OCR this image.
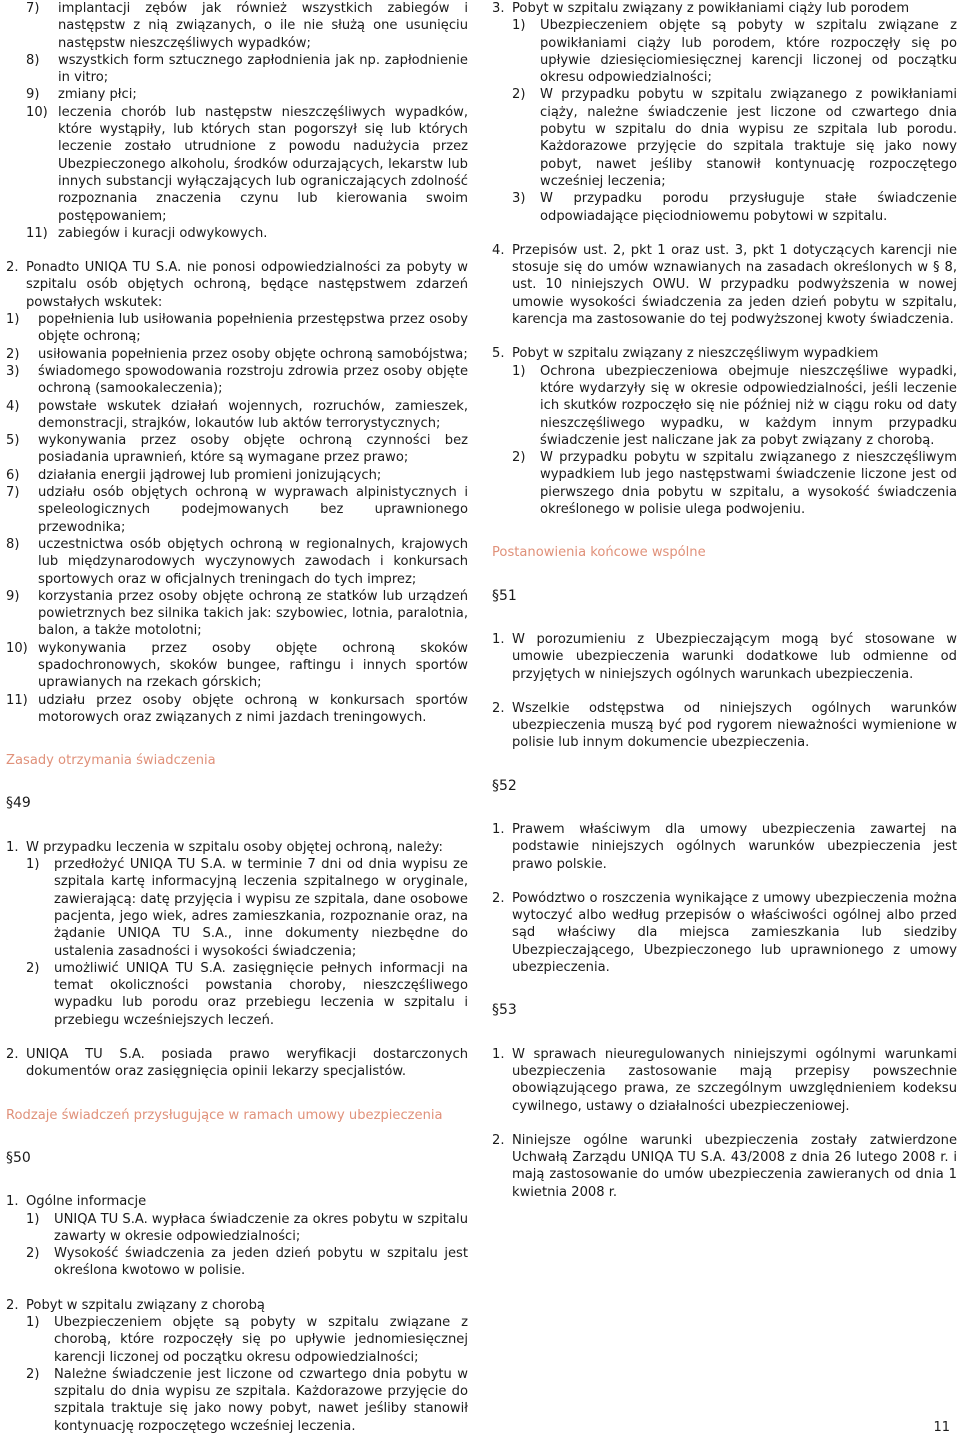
7)	implantacji zębów jak również wszystkich zabiegów i następstw z nią związanych, o ile nie służą one usunięciu następstw nieszczęśliwych wypadków;
8)	wszystkich form sztucznego zapłodnienia jak np. zapłodnienie in vitro;
9)	zmiany płci;
10) leczenia chorób lub następstw nieszczęśliwych wypadków, które wystąpiły, lub których stan pogorszył się lub których leczenie zostało utrudnione z powodu nadużycia przez Ubezpieczonego alkoholu, środków odurzających, lekarstw lub innych substancji wyłączających lub ograniczających zdolność rozpoznania znaczenia czynu lub kierowania swoim postępowaniem;
11) zabiegów i kuracji odwykowych.
2. Ponadto UNIQA TU S.A. nie ponosi odpowiedzialności za pobyty w szpitalu osób objętych ochroną, będące następstwem zdarzeń powstałych wskutek:
1)	popełnienia lub usiłowania popełnienia przestępstwa przez osoby objęte ochroną;
2)	usiłowania popełnienia przez osoby objęte ochroną samobójstwa;
3)	świadomego spowodowania rozstroju zdrowia przez osoby objęte ochroną (samookaleczenia);
4)	powstałe wskutek działań wojennych, rozruchów, zamieszek, demonstracji, strajków, lokautów lub aktów terrorystycznych;
5)	wykonywania przez osoby objęte ochroną czynności bez posiadania uprawnień, które są wymagane przez prawo;
6)	działania energii jądrowej lub promieni jonizujących;
7)	udziału osób objętych ochroną w wyprawach alpinistycznych i speleologicznych podejmowanych bez uprawnionego przewodnika;
8)	uczestnictwa osób objętych ochroną w regionalnych, krajowych lub międzynarodowych wyczynowych zawodach i konkursach sportowych oraz w oficjalnych treningach do tych imprez;
9)	korzystania przez osoby objęte ochroną ze statków lub urządzeń powietrznych bez silnika takich jak: szybowiec, lotnia, paralotnia, balon, a także motolotni;
10) wykonywania przez osoby objęte ochroną skoków spadochronowych, skoków bungee, raftingu i innych sportów uprawianych na rzekach górskich;
11) udziału przez osoby objęte ochroną w konkursach sportów motorowych oraz związanych z nimi jazdach treningowych.

Zasady otrzymania świadczenia

§49

1. W przypadku leczenia w szpitalu osoby objętej ochroną, należy:
1)	przedłożyć UNIQA TU S.A. w terminie 7 dni od dnia wypisu ze szpitala kartę informacyjną leczenia szpitalnego w oryginale, zawierającą: datę przyjęcia i wypisu ze szpitala, dane osobowe pacjenta, jego wiek, adres zamieszkania, rozpoznanie oraz, na żądanie UNIQA TU S.A., inne dokumenty niezbędne do ustalenia zasadności i wysokości świadczenia;
2)	umożliwić UNIQA TU S.A. zasięgnięcie pełnych informacji na temat okoliczności powstania choroby, nieszczęśliwego wypadku lub porodu oraz przebiegu leczenia w szpitalu i przebiegu wcześniejszych leczeń.
2. UNIQA TU S.A. posiada prawo weryfikacji dostarczonych dokumentów oraz zasięgnięcia opinii lekarzy specjalistów.

Rodzaje świadczeń przysługujące w ramach umowy ubezpieczenia

§50

1. Ogólne informacje
1)	UNIQA TU S.A. wypłaca świadczenie za okres pobytu w szpitalu zawarty w okresie odpowiedzialności;
2)	Wysokość świadczenia za jeden dzień pobytu w szpitalu jest określona kwotowo w polisie.
2. Pobyt w szpitalu związany z chorobą
1)	Ubezpieczeniem objęte są pobyty w szpitalu związane z chorobą, które rozpoczęły się po upływie jednomiesięcznej karencji liczonej od początku okresu odpowiedzialności;
2)	Należne świadczenie jest liczone od czwartego dnia pobytu w szpitalu do dnia wypisu ze szpitala. Każdorazowe przyjęcie do szpitala traktuje się jako nowy pobyt, nawet jeśliby stanowił kontynuację rozpoczętego wcześniej leczenia.
3. Pobyt w szpitalu związany z powikłaniami ciąży lub porodem
1)	Ubezpieczeniem objęte są pobyty w szpitalu związane z powikłaniami ciąży lub porodem, które rozpoczęły się po upływie dziesięciomiesięcznej karencji liczonej od początku okresu odpowiedzialności;
2)	W przypadku pobytu w szpitalu związanego z powikłaniami ciąży, należne świadczenie jest liczone od czwartego dnia pobytu w szpitalu do dnia wypisu ze szpitala lub porodu. Każdorazowe przyjęcie do szpitala traktuje się jako nowy pobyt, nawet jeśliby stanowił kontynuację rozpoczętego wcześniej leczenia;
3)	W przypadku porodu przysługuje stałe świadczenie odpowiadające pięciodniowemu pobytowi w szpitalu.
4. Przepisów ust. 2, pkt 1 oraz ust. 3, pkt 1 dotyczących karencji nie stosuje się do umów wznawianych na zasadach określonych w § 8, ust. 10 niniejszych OWU. W przypadku podwyższenia w nowej umowie wysokości świadczenia za jeden dzień pobytu w szpitalu, karencja ma zastosowanie do tej podwyższonej kwoty świadczenia.
5. Pobyt w szpitalu związany z nieszczęśliwym wypadkiem
1)	Ochrona ubezpieczeniowa obejmuje nieszczęśliwe wypadki, które wydarzyły się w okresie odpowiedzialności, jeśli leczenie ich skutków rozpoczęło się nie później niż w ciągu roku od daty nieszczęśliwego wypadku, w każdym innym przypadku świadczenie jest naliczane jak za pobyt związany z chorobą.
2)	W przypadku pobytu w szpitalu związanego z nieszczęśliwym wypadkiem lub jego następstwami świadczenie liczone jest od pierwszego dnia pobytu w szpitalu, a wysokość świadczenia określonego w polisie ulega podwojeniu.

Postanowienia końcowe wspólne

§51

1. W porozumieniu z Ubezpieczającym mogą być stosowane w umowie ubezpieczenia warunki dodatkowe lub odmienne od przyjętych w niniejszych ogólnych warunkach ubezpieczenia.
2. Wszelkie odstępstwa od niniejszych ogólnych warunków ubezpieczenia muszą być pod rygorem nieważności wymienione w polisie lub innym dokumencie ubezpieczenia.

§52

1. Prawem właściwym dla umowy ubezpieczenia zawartej na podstawie niniejszych ogólnych warunków ubezpieczenia jest prawo polskie.
2. Powództwo o roszczenia wynikające z umowy ubezpieczenia można wytoczyć albo według przepisów o właściwości ogólnej albo przed sąd właściwy dla miejsca zamieszkania lub siedziby Ubezpieczającego, Ubezpieczonego lub uprawnionego z umowy ubezpieczenia.

§53

1. W sprawach nieuregulowanych niniejszymi ogólnymi warunkami ubezpieczenia zastosowanie mają przepisy powszechnie obowiązującego prawa, ze szczególnym uwzględnieniem kodeksu cywilnego, ustawy o działalności ubezpieczeniowej.
2. Niniejsze ogólne warunki ubezpieczenia zostały zatwierdzone Uchwałą Zarządu UNIQA TU S.A. 43/2008 z dnia 26 lutego 2008 r. i mają zastosowanie do umów ubezpieczenia zawieranych od dnia 1 kwietnia 2008 r.
11
